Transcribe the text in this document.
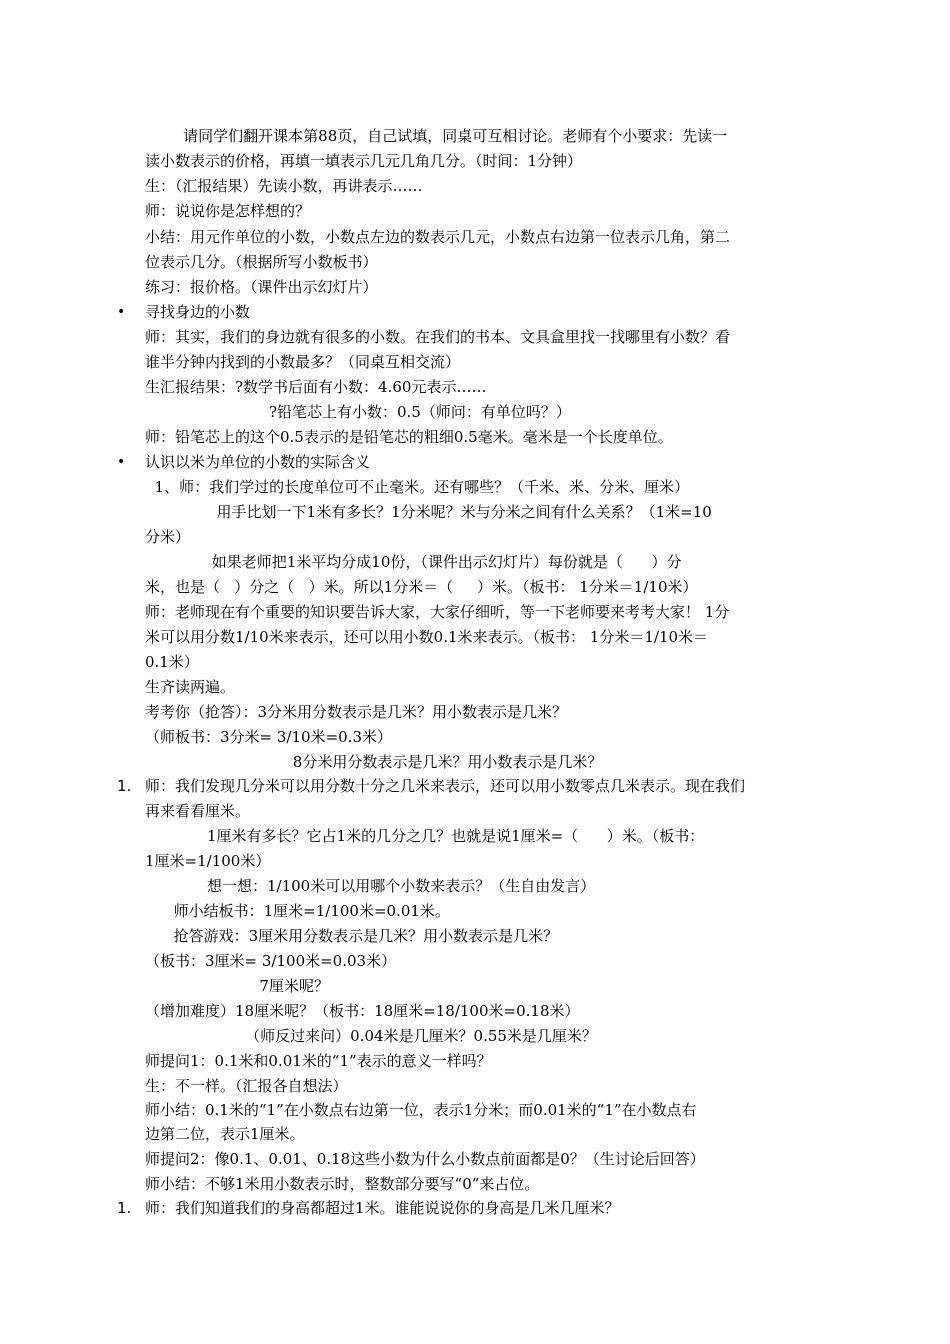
请同学们翻开课本第88页，自己试填，同桌可互相讨论。老师有个小要求：先读一
读小数表示的价格，再填一填表示几元几角几分。（时间：1分钟）
生：（汇报结果）先读小数，再讲表示……
师：说说你是怎样想的？
小结：用元作单位的小数，小数点左边的数表示几元，小数点右边第一位表示几角，第二
位表示几分。（根据所写小数板书）
练习：报价格。（课件出示幻灯片）
寻找身边的小数
师：其实，我们的身边就有很多的小数。在我们的书本、文具盒里找一找哪里有小数？看
谁半分钟内找到的小数最多？（同桌互相交流）
生汇报结果：?数学书后面有小数：4.60元表示……
?铅笔芯上有小数：0.5（师问：有单位吗？）
师：铅笔芯上的这个0.5表示的是铅笔芯的粗细0.5毫米。毫米是一个长度单位。
认识以米为单位的小数的实际含义
1、师：我们学过的长度单位可不止毫米。还有哪些？（千米、米、分米、厘米）
用手比划一下1米有多长？1分米呢？米与分米之间有什么关系？（1米=10
分米）
如果老师把1米平均分成10份，（课件出示幻灯片）每份就是（      ）分
米，也是（   ）分之（   ）米。所以1分米＝（     ）米。（板书： 1分米＝1/10米）
师：老师现在有个重要的知识要告诉大家，大家仔细听，等一下老师要来考考大家！ 1分
米可以用分数1/10米来表示，还可以用小数0.1米来表示。（板书： 1分米＝1/10米＝
0.1米）
生齐读两遍。
考考你（抢答）：3分米用分数表示是几米？用小数表示是几米？
（师板书：3分米= 3/10米=0.3米）
8分米用分数表示是几米？用小数表示是几米？
师：我们发现几分米可以用分数十分之几米来表示，还可以用小数零点几米表示。现在我们
再来看看厘米。
1厘米有多长？它占1米的几分之几？也就是说1厘米=（      ）米。（板书：
1厘米=1/100米）
想一想：1/100米可以用哪个小数来表示？（生自由发言）
师小结板书：1厘米=1/100米=0.01米。
抢答游戏：3厘米用分数表示是几米？用小数表示是几米？
（板书：3厘米= 3/100米=0.03米）
7厘米呢？
（增加难度）18厘米呢？（板书：18厘米=18/100米=0.18米）
（师反过来问）0.04米是几厘米？0.55米是几厘米？
师提问1：0.1米和0.01米的“1”表示的意义一样吗？
生：不一样。（汇报各自想法）
师小结：0.1米的“1”在小数点右边第一位，表示1分米；而0.01米的“1”在小数点右
边第二位，表示1厘米。
师提问2：像0.1、0.01、0.18这些小数为什么小数点前面都是0？（生讨论后回答）
师小结：不够1米用小数表示时，整数部分要写“0”来占位。
师：我们知道我们的身高都超过1米。谁能说说你的身高是几米几厘米？
•
•
1.
1.
